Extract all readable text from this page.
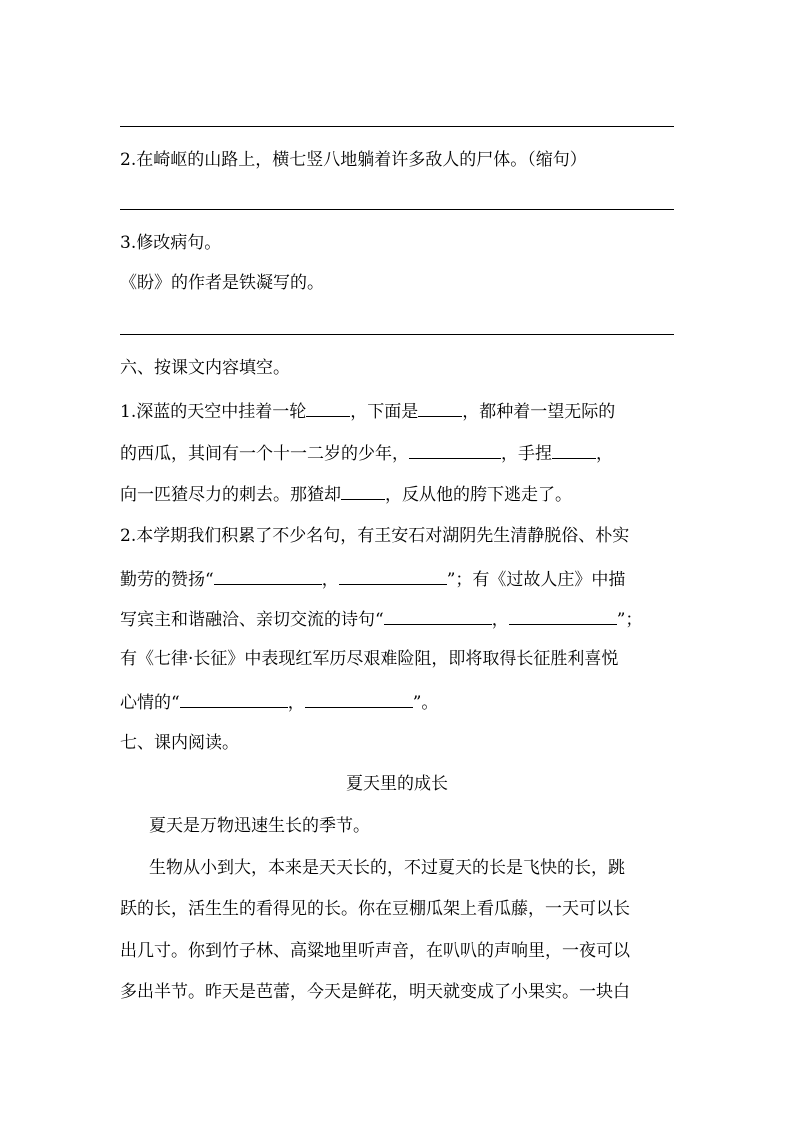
2.在崎岖的山路上，横七竖八地躺着许多敌人的尸体。（缩句）
3.修改病句。
《盼》的作者是铁凝写的。
六、按课文内容填空。
1.深蓝的天空中挂着一轮	，下面是	，都种着一望无际的
的西瓜，其间有一个十一二岁的少年，	，手捏	，
向一匹猹尽力的刺去。那猹却	，反从他的胯下逃走了。
2.本学期我们积累了不少名句，有王安石对湖阴先生清静脱俗、朴实
勤劳的赞扬“	，	”；有《过故人庄》中描
写宾主和谐融洽、亲切交流的诗句“	，	”；
有《七律·长征》中表现红军历尽艰难险阻，即将取得长征胜利喜悦
心情的“	，	”。
七、课内阅读。
夏天里的成长
夏天是万物迅速生长的季节。
生物从小到大，本来是天天长的，不过夏天的长是飞快的长，跳
跃的长，活生生的看得见的长。你在豆棚瓜架上看瓜藤，一天可以长
出几寸。你到竹子林、高粱地里听声音，在叭叭的声响里，一夜可以
多出半节。昨天是芭蕾，今天是鲜花，明天就变成了小果实。一块白
